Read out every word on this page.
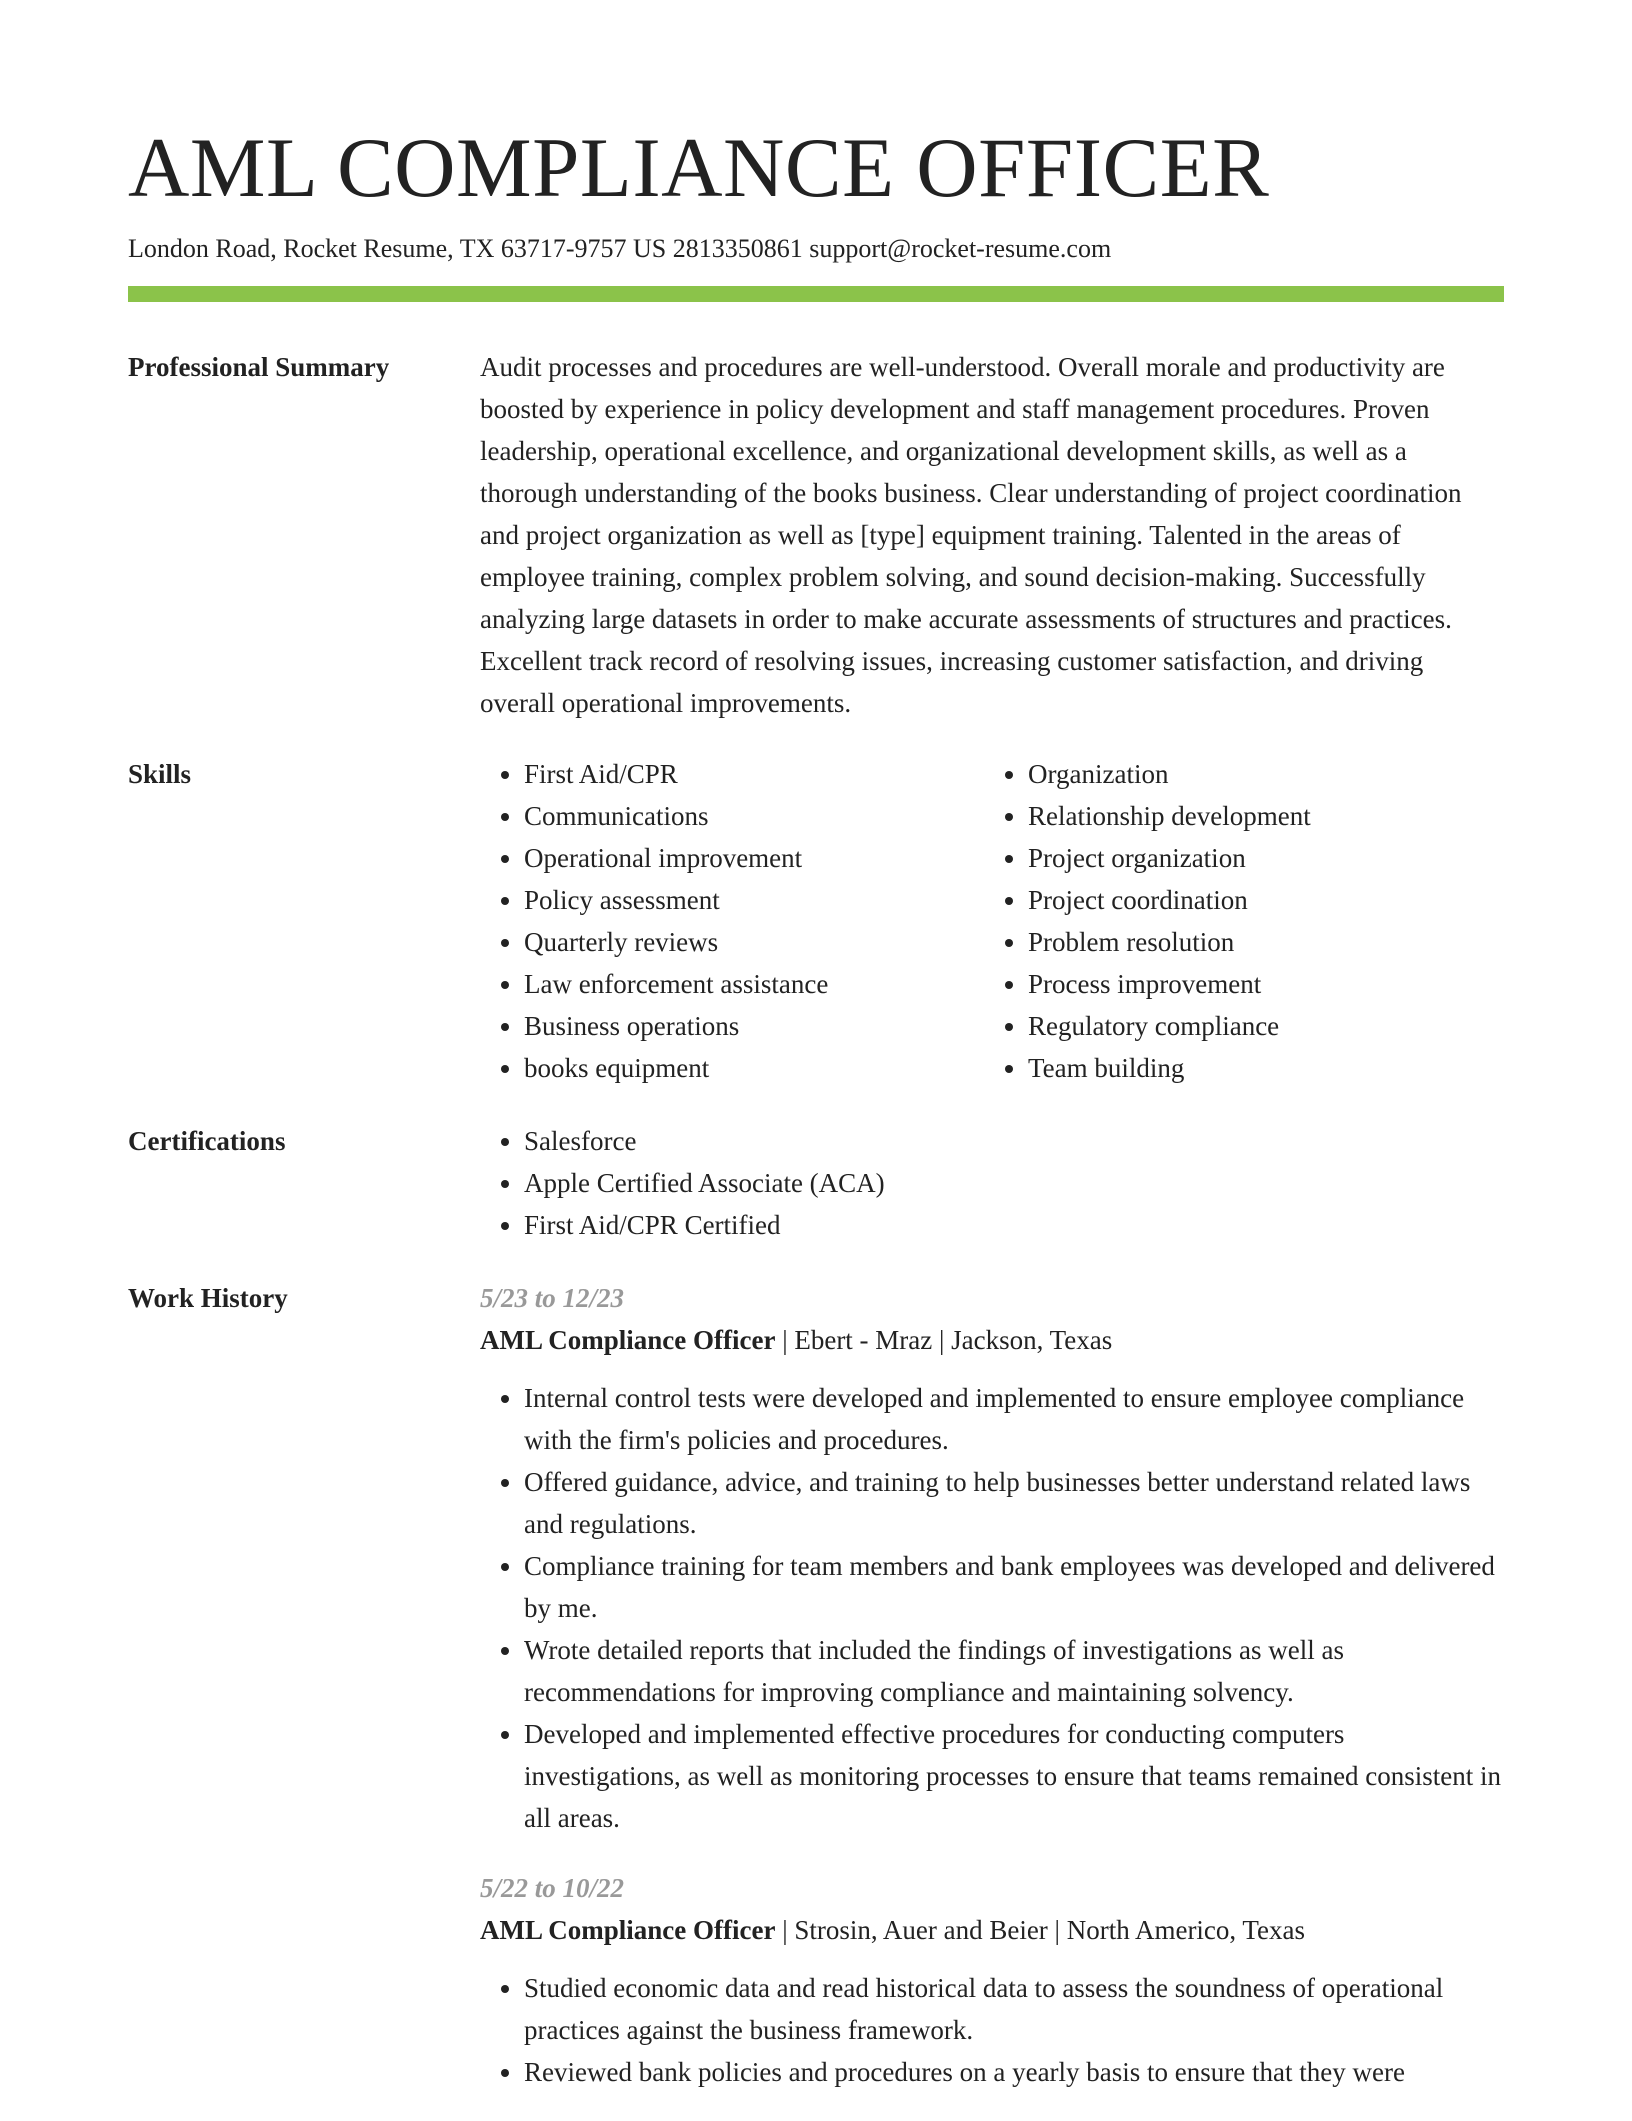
AML COMPLIANCE OFFICER
London Road, Rocket Resume, TX 63717-9757 US 2813350861 support@rocket-resume.com
Professional Summary	Audit processes and procedures are well-understood. Overall morale and productivity are boosted by experience in policy development and staff management procedures. Proven leadership, operational excellence, and organizational development skills, as well as a thorough understanding of the books business. Clear understanding of project coordination and project organization as well as [type] equipment training. Talented in the areas of employee training, complex problem solving, and sound decision-making. Successfully analyzing large datasets in order to make accurate assessments of structures and practices. Excellent track record of resolving issues, increasing customer satisfaction, and driving overall operational improvements.

Skills	• First Aid/CPR
• Communications
• Operational improvement
• Policy assessment
• Quarterly reviews
• Law enforcement assistance
• Business operations
• books equipment
• Organization
• Relationship development
• Project organization
• Project coordination
• Problem resolution
• Process improvement
• Regulatory compliance
• Team building
Certifications	• Salesforce
• Apple Certified Associate (ACA)
• First Aid/CPR Certified
Work History	5/23 to 12/23
AML Compliance Officer | Ebert - Mraz | Jackson, Texas
• Internal control tests were developed and implemented to ensure employee compliance with the firm's policies and procedures.
• Offered guidance, advice, and training to help businesses better understand related laws and regulations.
• Compliance training for team members and bank employees was developed and delivered by me.
• Wrote detailed reports that included the findings of investigations as well as recommendations for improving compliance and maintaining solvency.
• Developed and implemented effective procedures for conducting computers investigations, as well as monitoring processes to ensure that teams remained consistent in all areas.
5/22 to 10/22
AML Compliance Officer | Strosin, Auer and Beier | North Americo, Texas
• Studied economic data and read historical data to assess the soundness of operational practices against the business framework.
• Reviewed bank policies and procedures on a yearly basis to ensure that they were
